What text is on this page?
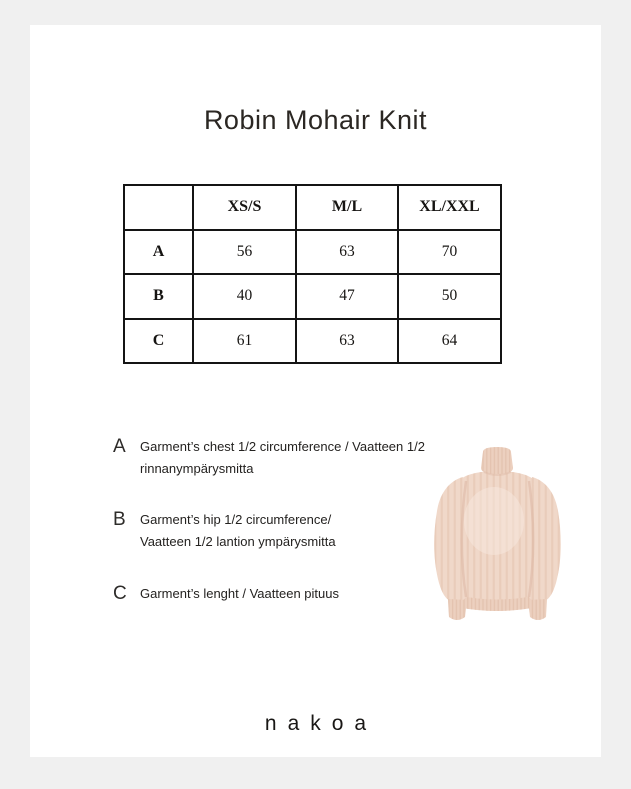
Robin Mohair Knit
	XS/S	M/L	XL/XXL
A	56	63	70
B	40	47	50
C	61	63	64
A	Garment’s chest 1/2 circumference / Vaatteen 1/2
rinnanympärysmitta
B	Garment’s hip 1/2 circumference/
Vaatteen 1/2 lantion ympärysmitta
C	Garment’s lenght / Vaatteen pituus
nakoa
